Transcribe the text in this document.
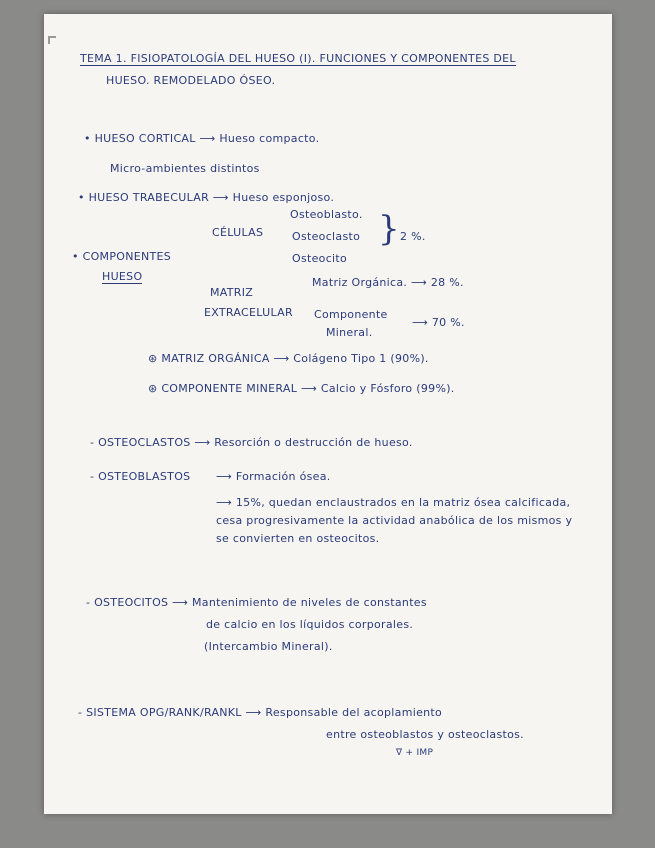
TEMA 1. FISIOPATOLOGÍA DEL HUESO (I). FUNCIONES Y COMPONENTES DEL
HUESO. REMODELADO ÓSEO.
• HUESO CORTICAL ⟶ Hueso compacto.
Micro-ambientes distintos
• HUESO TRABECULAR ⟶ Hueso esponjoso.
• COMPONENTES
HUESO
CÉLULAS
Osteoblasto.
Osteoclasto
Osteocito
} 2 %.
MATRIZ
EXTRACELULAR
Matriz Orgánica. ⟶ 28 %.
Componente
Mineral.
⟶ 70 %.
⊛ MATRIZ ORGÁNICA ⟶ Colágeno Tipo 1 (90%).
⊛ COMPONENTE MINERAL ⟶ Calcio y Fósforo (99%).
- OSTEOCLASTOS ⟶ Resorción o destrucción de hueso.
- OSTEOBLASTOS ⟶ Formación ósea.
⟶ 15%, quedan enclaustrados en la matriz ósea calcificada, cesa progresivamente la actividad anabólica de los mismos y se convierten en osteocitos.
- OSTEOCITOS ⟶ Mantenimiento de niveles de constantes
de calcio en los líquidos corporales.
(Intercambio Mineral).
- SISTEMA OPG/RANK/RANKL ⟶ Responsable del acoplamiento
entre osteoblastos y osteoclastos.
∇ + IMP
